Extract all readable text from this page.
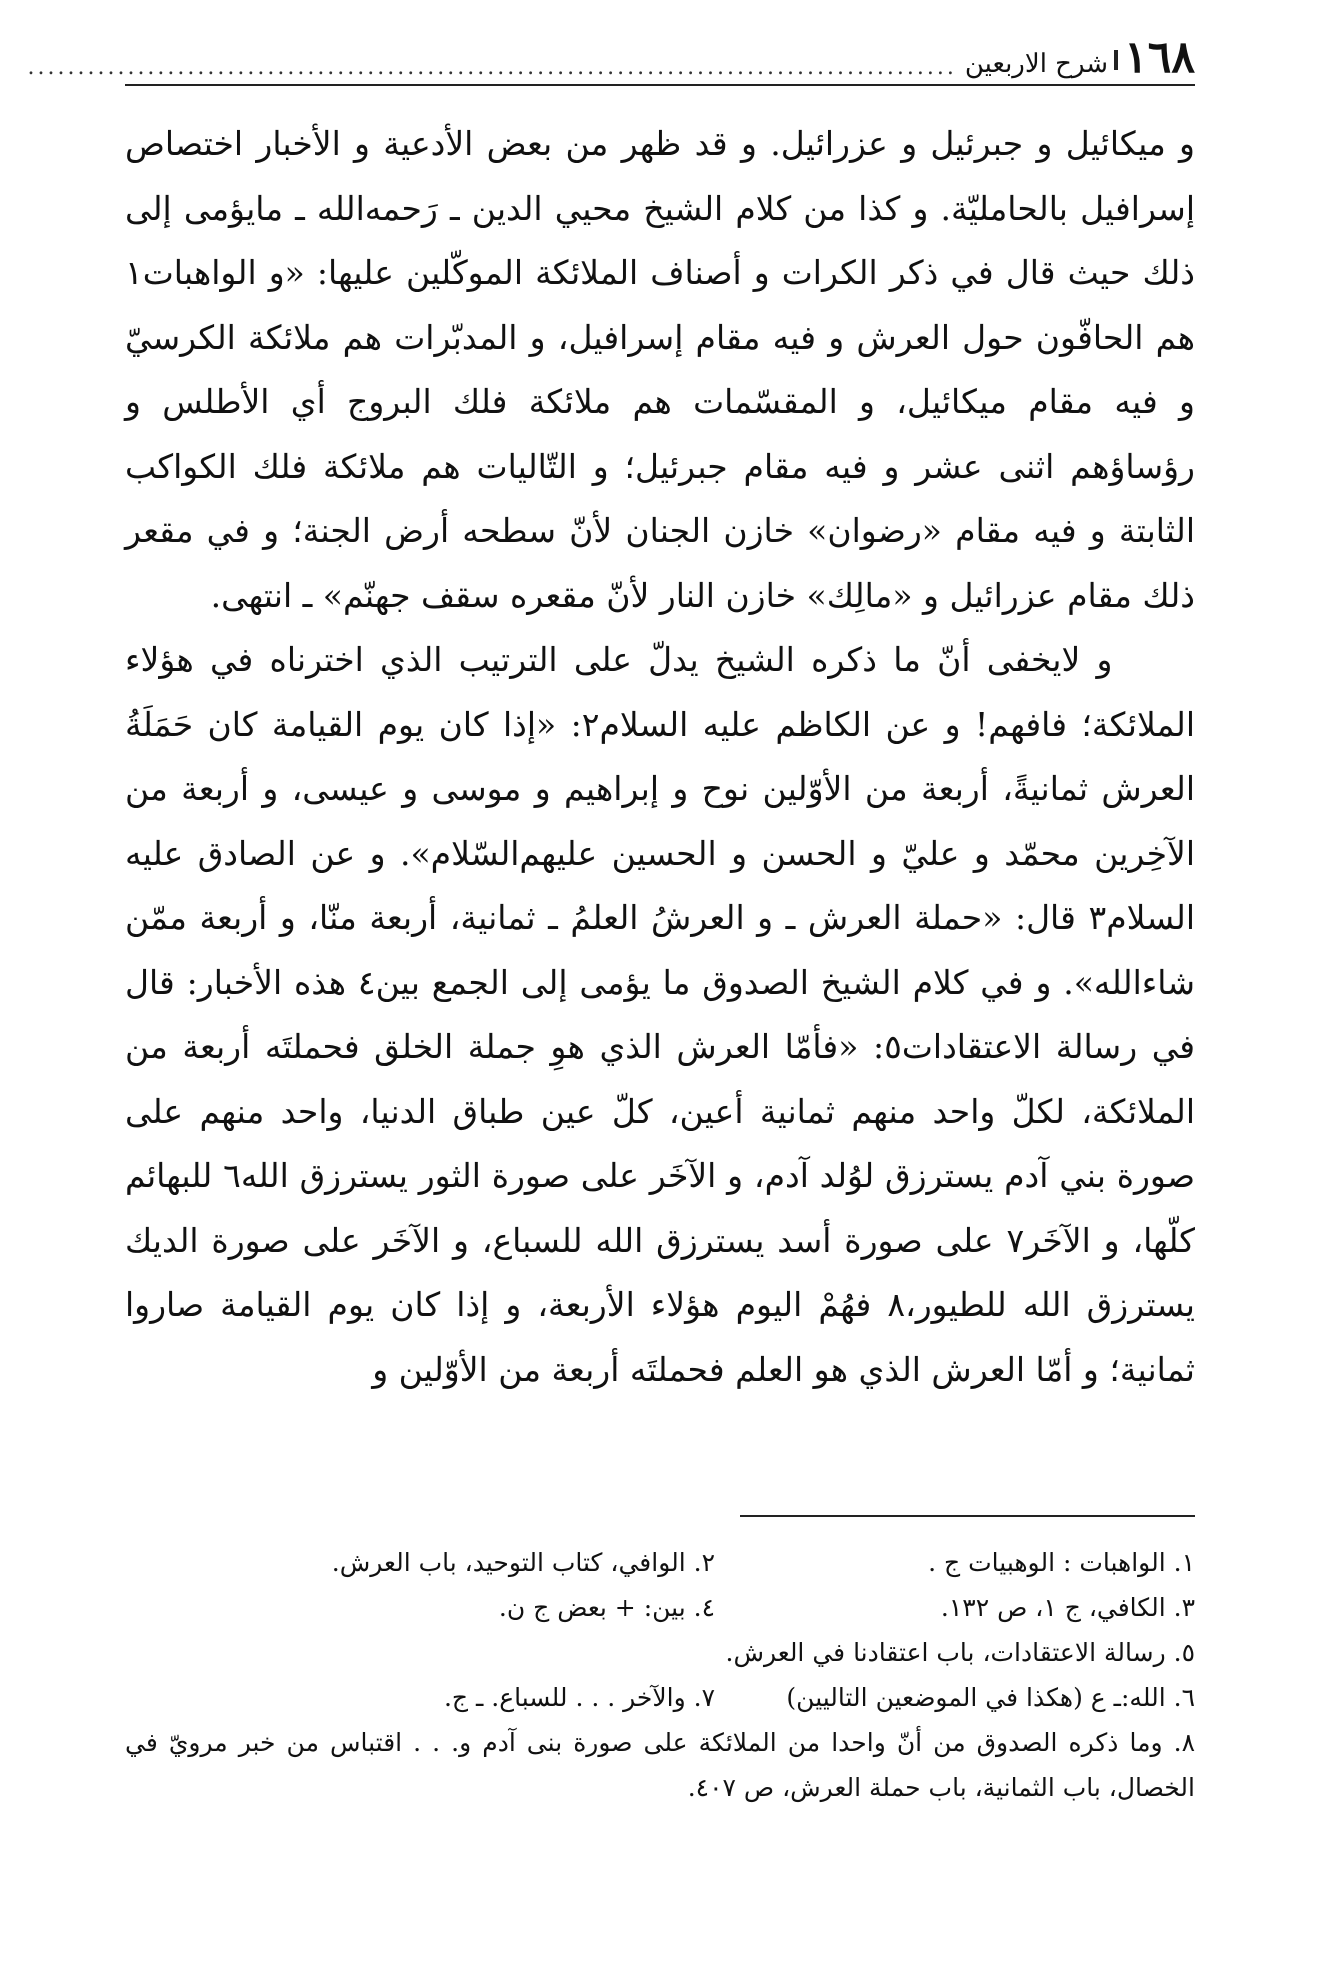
١٦٨
شرح الاربعين
.............................................................................................

و ميكائيل و جبرئيل و عزرائيل. و قد ظهر من بعض الأدعية و الأخبار اختصاص إسرافيل بالحامليّة. و كذا من كلام الشيخ محيي الدين ـ رَحمه‌الله ـ مايؤمى إلى ذلك حيث قال في ذكر الكرات و أصناف الملائكة الموكّلين عليها: «و الواهبات١ هم الحافّون حول العرش و فيه مقام إسرافيل، و المدبّرات هم ملائكة الكرسيّ و فيه مقام ميكائيل، و المقسّمات هم ملائكة فلك البروج أي الأطلس و رؤساؤهم اثنى عشر و فيه مقام جبرئيل؛ و التّاليات هم ملائكة فلك الكواكب الثابتة و فيه مقام «رضوان» خازن الجنان لأنّ سطحه أرض الجنة؛ و في مقعر ذلك مقام عزرائيل و «مالِك» خازن النار لأنّ مقعره سقف جهنّم» ـ انتهى.

و لايخفى أنّ ما ذكره الشيخ يدلّ على الترتيب الذي اخترناه في هؤلاء الملائكة؛ فافهم! و عن الكاظم عليه السلام٢: «إذا كان يوم القيامة كان حَمَلَةُ العرش ثمانيةً، أربعة من الأوّلين نوح و إبراهيم و موسى و عيسى، و أربعة من الآخِرين محمّد و عليّ و الحسن و الحسين عليهم‌السّلام». و عن الصادق عليه السلام٣ قال: «حملة العرش ـ و العرشُ العلمُ ـ ثمانية، أربعة منّا، و أربعة ممّن شاءالله». و في كلام الشيخ الصدوق ما يؤمى إلى الجمع بين٤ هذه الأخبار: قال في رسالة الاعتقادات٥: «فأمّا العرش الذي هوِ جملة الخلق فحملتَه أربعة من الملائكة، لكلّ واحد منهم ثمانية أعين، كلّ عين طباق الدنيا، واحد منهم على صورة بني آدم يسترزق لوُلد آدم، و الآخَر على صورة الثور يسترزق الله٦ للبهائم كلّها، و الآخَر٧ على صورة أسد يسترزق الله للسباع، و الآخَر على صورة الديك يسترزق الله للطيور،٨ فهُمْ اليوم هؤلاء الأربعة، و إذا كان يوم القيامة صاروا ثمانية؛ و أمّا العرش الذي هو العلم فحملتَه أربعة من الأوّلين و

١. الواهبات : الوهبيات ج .
٢. الوافي، كتاب التوحيد، باب العرش.
٣. الكافي، ج ١، ص ١٣٢.
٤. بين: + بعض ج ن.
٥. رسالة الاعتقادات، باب اعتقادنا في العرش.
٦. الله:ـ ع (هكذا في الموضعين التاليين)
٧. والآخر . . . للسباع. ـ ج.
٨. وما ذكره الصدوق من أنّ واحدا من الملائكة على صورة بنى آدم و. . . اقتباس من خبر مرويّ في الخصال، باب الثمانية، باب حملة العرش، ص ٤٠٧.
